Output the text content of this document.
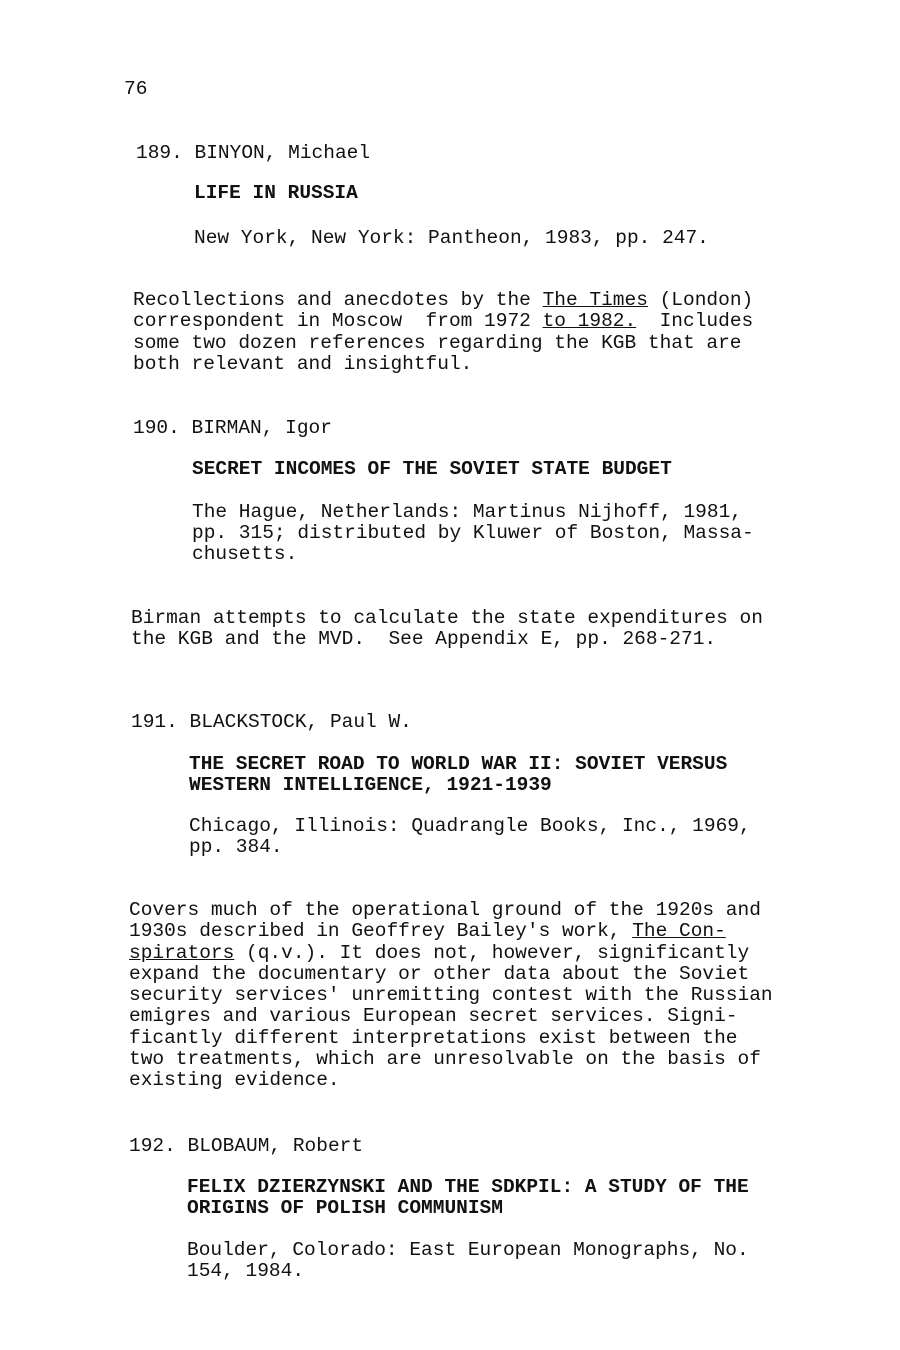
76
189. BINYON, Michael
LIFE IN RUSSIA
New York, New York: Pantheon, 1983, pp. 247.
Recollections and anecdotes by the The Times (London)
correspondent in Moscow  from 1972 to 1982.  Includes
some two dozen references regarding the KGB that are
both relevant and insightful.
190. BIRMAN, Igor
SECRET INCOMES OF THE SOVIET STATE BUDGET
The Hague, Netherlands: Martinus Nijhoff, 1981,
pp. 315; distributed by Kluwer of Boston, Massa-
chusetts.
Birman attempts to calculate the state expenditures on
the KGB and the MVD.  See Appendix E, pp. 268-271.
191. BLACKSTOCK, Paul W.
THE SECRET ROAD TO WORLD WAR II: SOVIET VERSUS
WESTERN INTELLIGENCE, 1921-1939
Chicago, Illinois: Quadrangle Books, Inc., 1969,
pp. 384.
Covers much of the operational ground of the 1920s and
1930s described in Geoffrey Bailey's work, The Con-
spirators (q.v.). It does not, however, significantly
expand the documentary or other data about the Soviet
security services' unremitting contest with the Russian
emigres and various European secret services. Signi-
ficantly different interpretations exist between the
two treatments, which are unresolvable on the basis of
existing evidence.
192. BLOBAUM, Robert
FELIX DZIERZYNSKI AND THE SDKPIL: A STUDY OF THE
ORIGINS OF POLISH COMMUNISM
Boulder, Colorado: East European Monographs, No.
154, 1984.
